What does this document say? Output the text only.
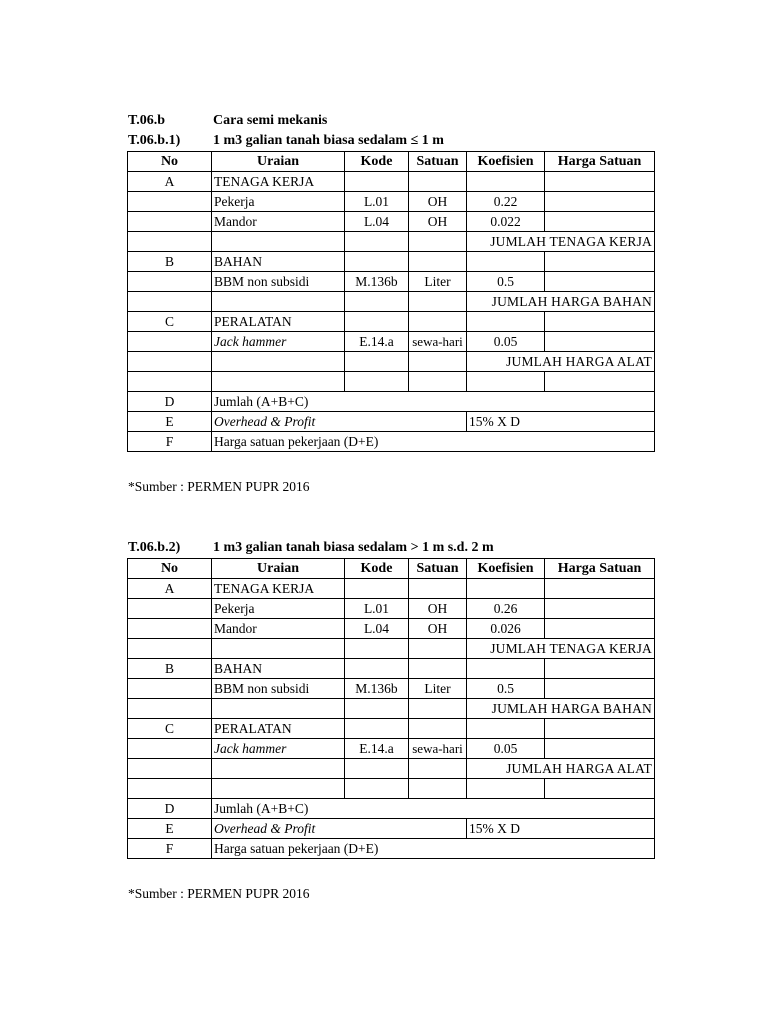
T.06.b	Cara semi mekanis
T.06.b.1) 1 m3 galian tanah biasa sedalam ≤ 1 m
No	Uraian	Kode	Satuan	Koefisien	Harga Satuan
A	TENAGA KERJA				
	Pekerja	L.01	OH	0.22	
	Mandor	L.04	OH	0.022	
				JUMLAH TENAGA KERJA	
B	BAHAN				
	BBM non subsidi	M.136b	Liter	0.5	
				JUMLAH HARGA BAHAN	
C	PERALATAN				
	Jack hammer	E.14.a	sewa-hari	0.05	
				JUMLAH HARGA ALAT	

D	Jumlah (A+B+C)				
E	Overhead & Profit			15% X D	
F	Harga satuan pekerjaan (D+E)				
*Sumber : PERMEN PUPR 2016
T.06.b.2) 1 m3 galian tanah biasa sedalam > 1 m s.d. 2 m
No	Uraian	Kode	Satuan	Koefisien	Harga Satuan
A	TENAGA KERJA				
	Pekerja	L.01	OH	0.26	
	Mandor	L.04	OH	0.026	
				JUMLAH TENAGA KERJA	
B	BAHAN				
	BBM non subsidi	M.136b	Liter	0.5	
				JUMLAH HARGA BAHAN	
C	PERALATAN				
	Jack hammer	E.14.a	sewa-hari	0.05	
				JUMLAH HARGA ALAT	

D	Jumlah (A+B+C)				
E	Overhead & Profit			15% X D	
F	Harga satuan pekerjaan (D+E)				
*Sumber : PERMEN PUPR 2016
